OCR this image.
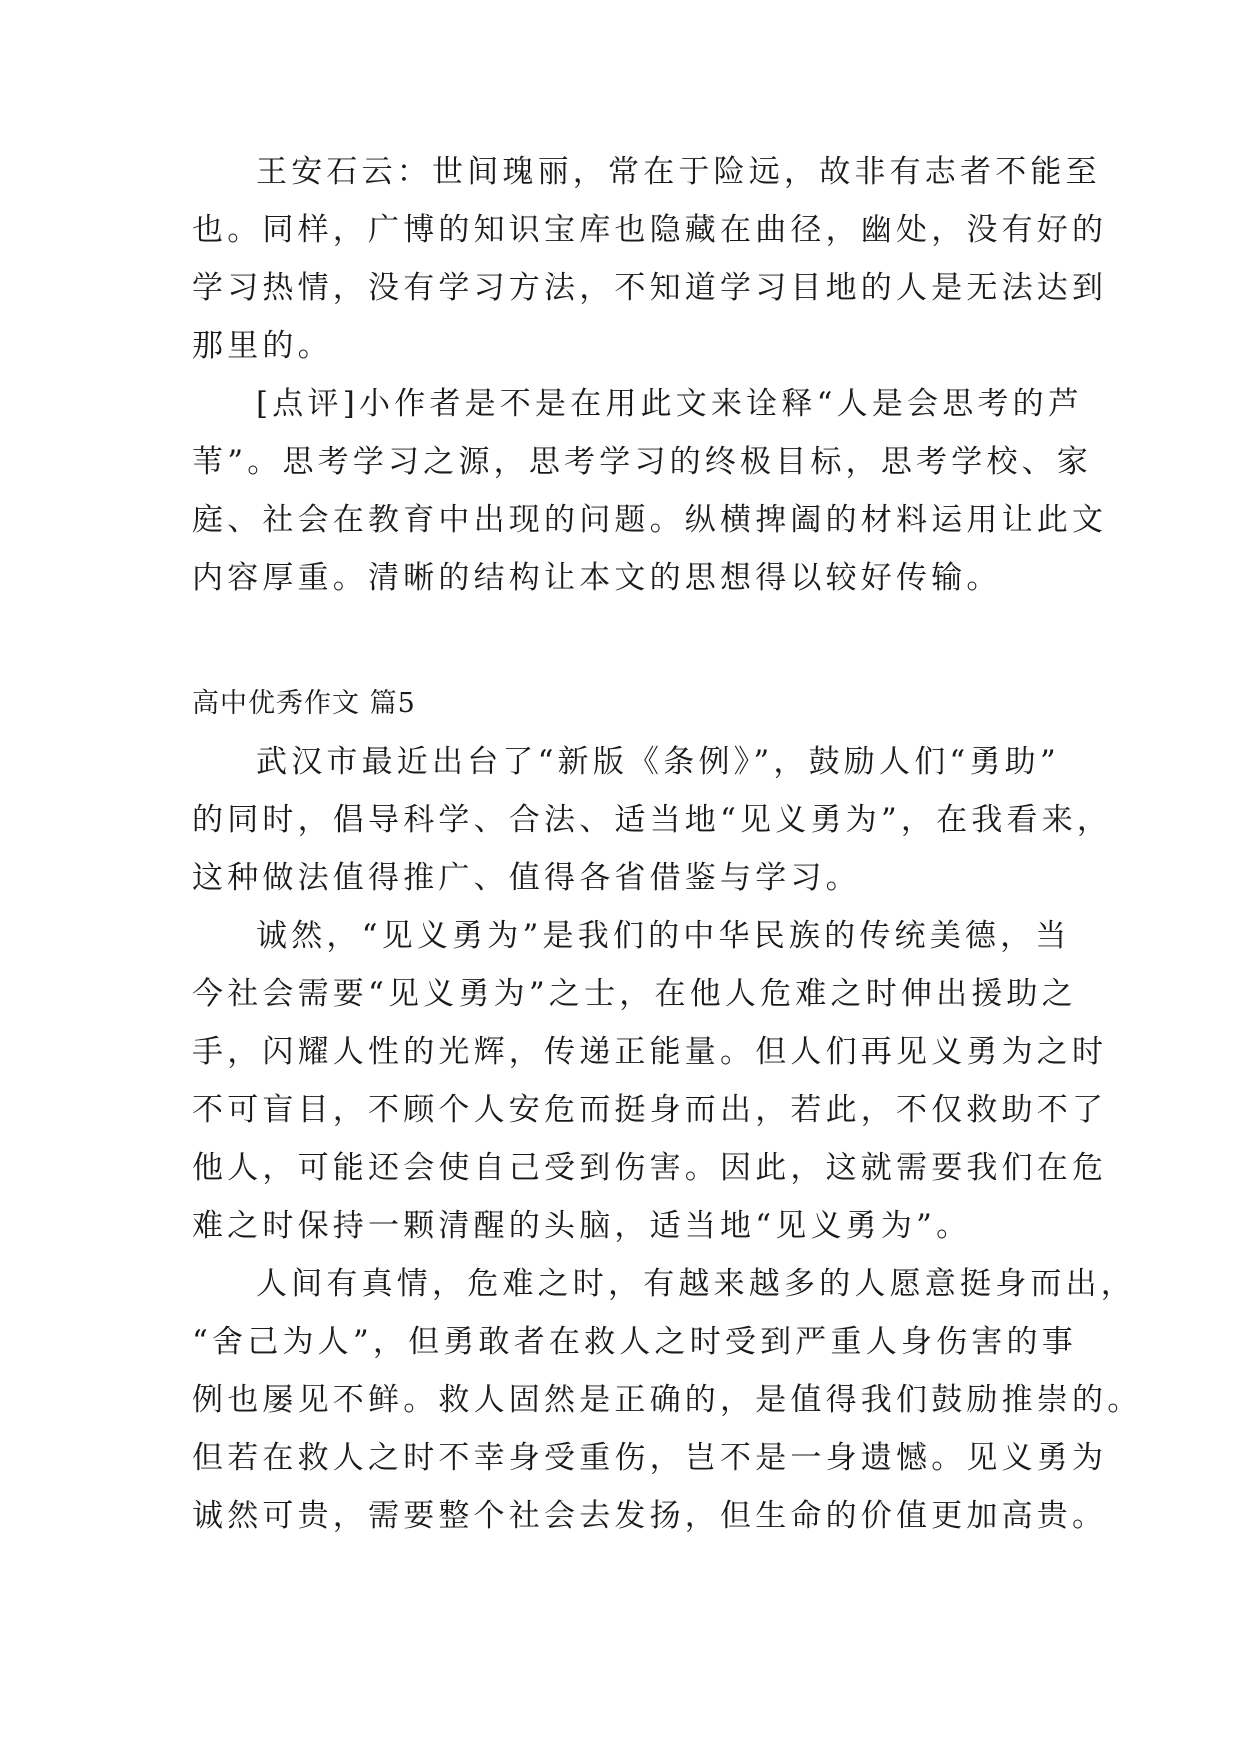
王安石云：世间瑰丽，常在于险远，故非有志者不能至
也。同样，广博的知识宝库也隐藏在曲径，幽处，没有好的
学习热情，没有学习方法，不知道学习目地的人是无法达到
那里的。
[点评]小作者是不是在用此文来诠释“人是会思考的芦
苇”。思考学习之源，思考学习的终极目标，思考学校、家
庭、社会在教育中出现的问题。纵横捭阖的材料运用让此文
内容厚重。清晰的结构让本文的思想得以较好传输。
高中优秀作文 篇5
武汉市最近出台了“新版《条例》”，鼓励人们“勇助”
的同时，倡导科学、合法、适当地“见义勇为”，在我看来，
这种做法值得推广、值得各省借鉴与学习。
诚然，“见义勇为”是我们的中华民族的传统美德，当
今社会需要“见义勇为”之士，在他人危难之时伸出援助之
手，闪耀人性的光辉，传递正能量。但人们再见义勇为之时
不可盲目，不顾个人安危而挺身而出，若此，不仅救助不了
他人，可能还会使自己受到伤害。因此，这就需要我们在危
难之时保持一颗清醒的头脑，适当地“见义勇为”。
人间有真情，危难之时，有越来越多的人愿意挺身而出，
“舍己为人”，但勇敢者在救人之时受到严重人身伤害的事
例也屡见不鲜。救人固然是正确的，是值得我们鼓励推崇的。
但若在救人之时不幸身受重伤，岂不是一身遗憾。见义勇为
诚然可贵，需要整个社会去发扬，但生命的价值更加高贵。
